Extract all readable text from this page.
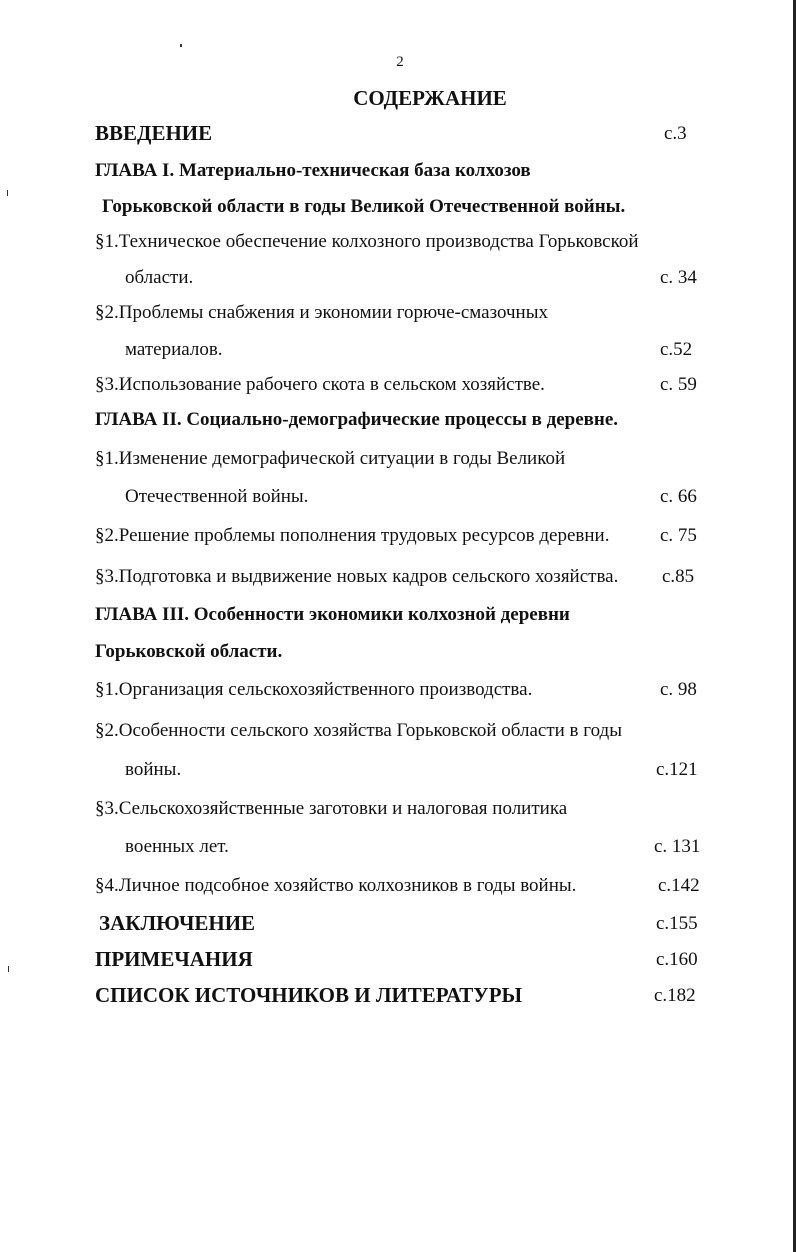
2
СОДЕРЖАНИЕ
ВВЕДЕНИЕ	с.3
ГЛАВА I. Материально-техническая база колхозов
Горьковской области в годы Великой Отечественной войны.
§1.Техническое обеспечение колхозного производства Горьковской
области.	с. 34
§2.Проблемы снабжения и экономии горюче-смазочных
материалов.	с.52
§3.Использование рабочего скота в сельском хозяйстве.	с. 59
ГЛАВА II. Социально-демографические процессы в деревне.
§1.Изменение демографической ситуации в годы Великой
Отечественной войны.	с. 66
§2.Решение проблемы пополнения трудовых ресурсов деревни.	с. 75
§3.Подготовка и выдвижение новых кадров сельского хозяйства. с.85
ГЛАВА III. Особенности экономики колхозной деревни
Горьковской области.
§1.Организация сельскохозяйственного производства.	с. 98
§2.Особенности сельского хозяйства Горьковской области в годы
войны.	с.121
§3.Сельскохозяйственные заготовки и налоговая политика
военных лет.	с. 131
§4.Личное подсобное хозяйство колхозников в годы войны.	с.142
ЗАКЛЮЧЕНИЕ	с.155
ПРИМЕЧАНИЯ	с.160
СПИСОК ИСТОЧНИКОВ И ЛИТЕРАТУРЫ	с.182
